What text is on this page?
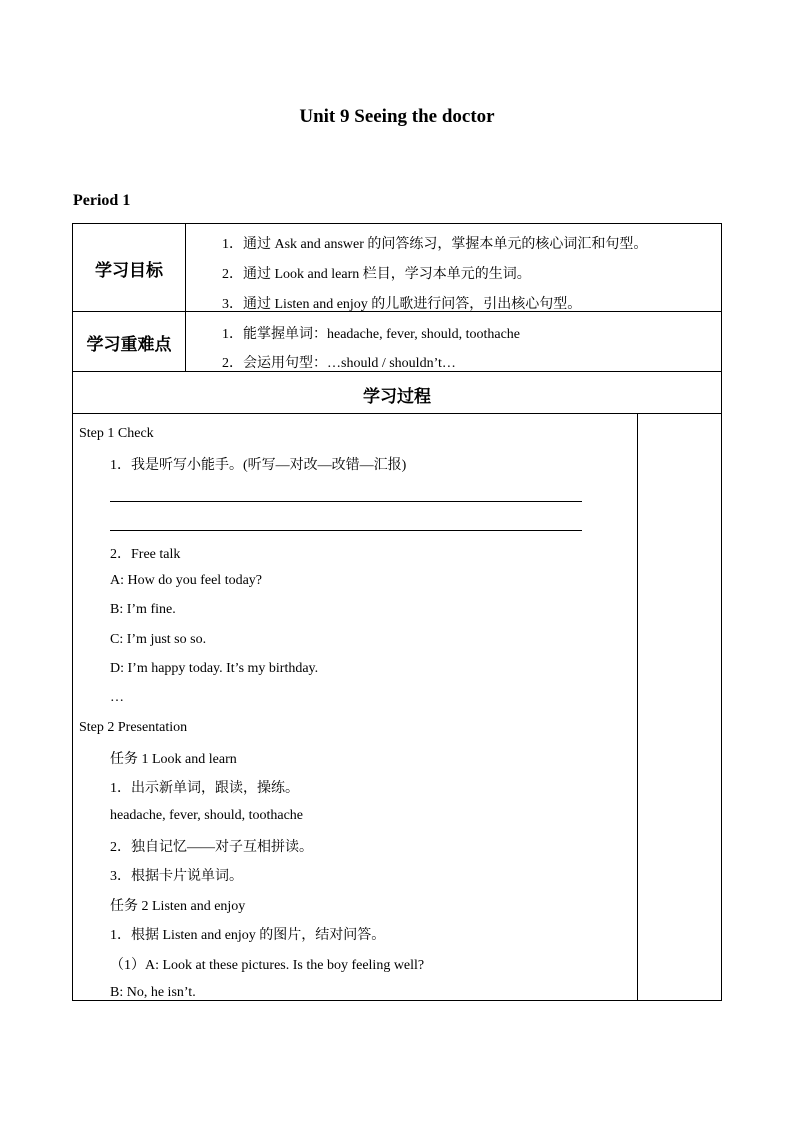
Unit 9 Seeing the doctor
Period 1
学习目标
1．通过 Ask and answer 的问答练习，掌握本单元的核心词汇和句型。
2．通过 Look and learn 栏目，学习本单元的生词。
3．通过 Listen and enjoy 的儿歌进行问答，引出核心句型。
学习重难点
1．能掌握单词：headache, fever, should, toothache
2．会运用句型：…should / shouldn’t…
学习过程
Step 1 Check
1．我是听写小能手。(听写—对改—改错—汇报)
2．Free talk
A: How do you feel today?
B: I’m fine.
C: I’m just so so.
D: I’m happy today. It’s my birthday.
…
Step 2 Presentation
任务 1 Look and learn
1．出示新单词，跟读，操练。
headache, fever, should, toothache
2．独自记忆——对子互相拼读。
3．根据卡片说单词。
任务 2 Listen and enjoy
1．根据 Listen and enjoy 的图片，结对问答。
（1）A: Look at these pictures. Is the boy feeling well?
B: No, he isn’t.
